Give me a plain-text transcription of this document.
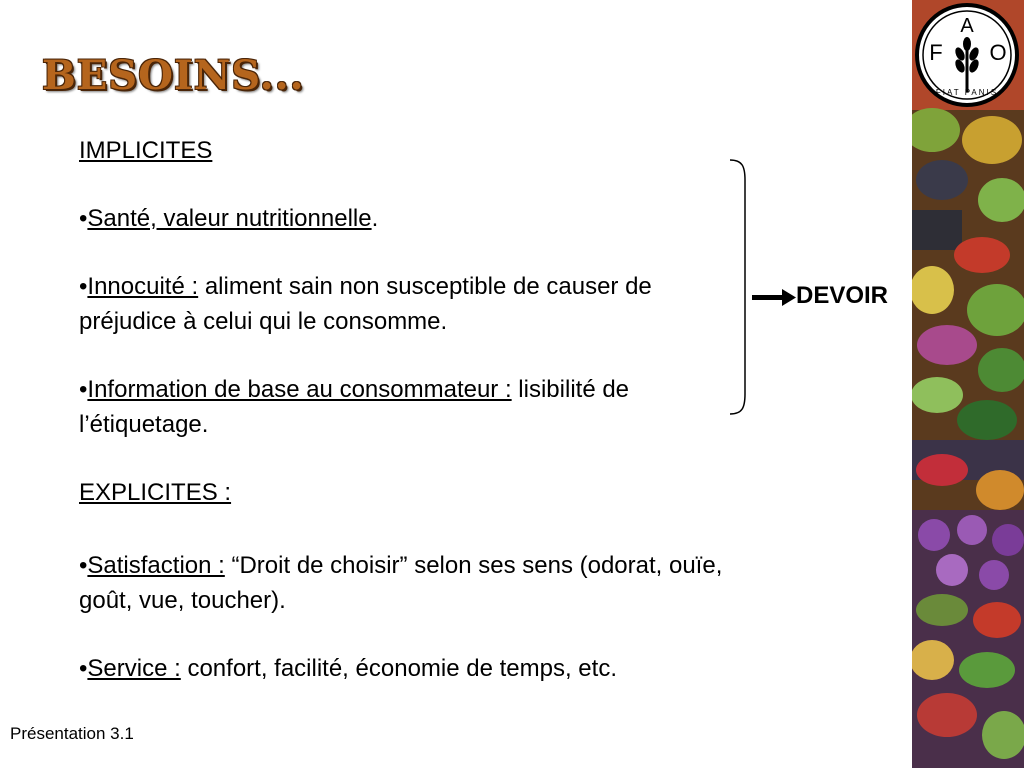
BESOINS...

IMPLICITES

•Santé, valeur nutritionnelle.

•Innocuité : aliment sain non susceptible de causer de préjudice à celui qui le consomme.

•Information de base au consommateur : lisibilité de l’étiquetage.

EXPLICITES :

•Satisfaction : “Droit de choisir” selon ses sens (odorat, ouïe, goût, vue, toucher).

•Service : confort, facilité, économie de temps, etc.

DEVOIR
Présentation 3.1
A
F O
FIAT PANIS
